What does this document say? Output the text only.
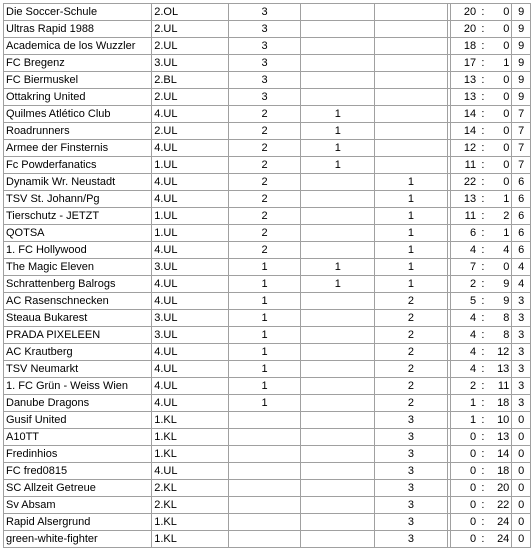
Die Soccer-Schule	2.OL	3				20	:	0	9
Ultras Rapid 1988	2.UL	3				20	:	0	9
Academica de los Wuzzler	2.UL	3				18	:	0	9
FC Bregenz	3.UL	3				17	:	1	9
FC Biermuskel	2.BL	3				13	:	0	9
Ottakring United	2.UL	3				13	:	0	9
Quilmes Atlético Club	4.UL	2	1			14	:	0	7
Roadrunners	2.UL	2	1			14	:	0	7
Armee der Finsternis	4.UL	2	1			12	:	0	7
Fc Powderfanatics	1.UL	2	1			11	:	0	7
Dynamik Wr. Neustadt	4.UL	2		1		22	:	0	6
TSV St. Johann/Pg	4.UL	2		1		13	:	1	6
Tierschutz - JETZT	1.UL	2		1		11	:	2	6
QOTSA	1.UL	2		1		6	:	1	6
1. FC Hollywood	4.UL	2		1		4	:	4	6
The Magic Eleven	3.UL	1	1	1		7	:	0	4
Schrattenberg Balrogs	4.UL	1	1	1		2	:	9	4
AC Rasenschnecken	4.UL	1		2		5	:	9	3
Steaua Bukarest	3.UL	1		2		4	:	8	3
PRADA PIXELEEN	3.UL	1		2		4	:	8	3
AC Krautberg	4.UL	1		2		4	:	12	3
TSV Neumarkt	4.UL	1		2		4	:	13	3
1. FC Grün - Weiss Wien	4.UL	1		2		2	:	11	3
Danube Dragons	4.UL	1		2		1	:	18	3
Gusif United	1.KL			3		1	:	10	0
A10TT	1.KL			3		0	:	13	0
Fredinhios	1.KL			3		0	:	14	0
FC fred0815	4.UL			3		0	:	18	0
SC Allzeit Getreue	2.KL			3		0	:	20	0
Sv Absam	2.KL			3		0	:	22	0
Rapid Alsergrund	1.KL			3		0	:	24	0
green-white-fighter	1.KL			3		0	:	24	0
